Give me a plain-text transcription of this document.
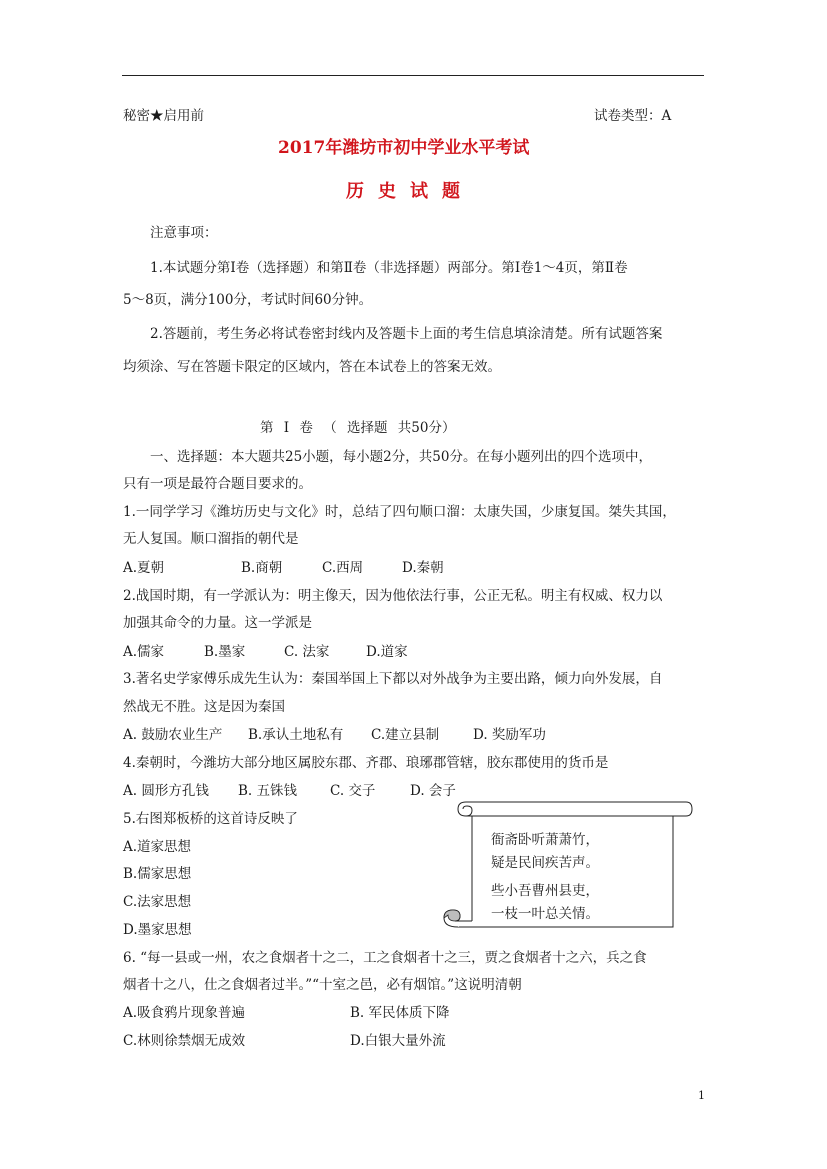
秘密★启用前	试卷类型：A
2017年潍坊市初中学业水平考试
历史试题
注意事项：
1.本试题分第Ⅰ卷（选择题）和第Ⅱ卷（非选择题）两部分。第Ⅰ卷1～4页，第Ⅱ卷
5～8页，满分100分，考试时间60分钟。
2.答题前，考生务必将试卷密封线内及答题卡上面的考生信息填涂清楚。所有试题答案
均须涂、写在答题卡限定的区域内，答在本试卷上的答案无效。
第 Ⅰ 卷 （ 选择题 共50分）
一、选择题：本大题共25小题，每小题2分，共50分。在每小题列出的四个选项中，
只有一项是最符合题目要求的。
1.一同学学习《潍坊历史与文化》时，总结了四句顺口溜：太康失国，少康复国。桀失其国，
无人复国。顺口溜指的朝代是
A.夏朝	B.商朝	C.西周	D.秦朝
2.战国时期，有一学派认为：明主像天，因为他依法行事，公正无私。明主有权威、权力以
加强其命令的力量。这一学派是
A.儒家	B.墨家	C. 法家	D.道家
3.著名史学家傅乐成先生认为：秦国举国上下都以对外战争为主要出路，倾力向外发展，自
然战无不胜。这是因为秦国
A. 鼓励农业生产 B.承认土地私有 C.建立县制	D. 奖励军功
4.秦朝时，今潍坊大部分地区属胶东郡、齐郡、琅琊郡管辖，胶东郡使用的货币是
A. 圆形方孔钱 B. 五铢钱 C. 交子	D. 会子
5.右图郑板桥的这首诗反映了
A.道家思想
B.儒家思想
C.法家思想
D.墨家思想
衙斋卧听萧萧竹，
疑是民间疾苦声。
些小吾曹州县吏，
一枝一叶总关情。
6. “每一县或一州，农之食烟者十之二，工之食烟者十之三，贾之食烟者十之六，兵之食
烟者十之八，仕之食烟者过半。”“十室之邑，必有烟馆。”这说明清朝
A.吸食鸦片现象普遍	B. 军民体质下降
C.林则徐禁烟无成效	D.白银大量外流
1
